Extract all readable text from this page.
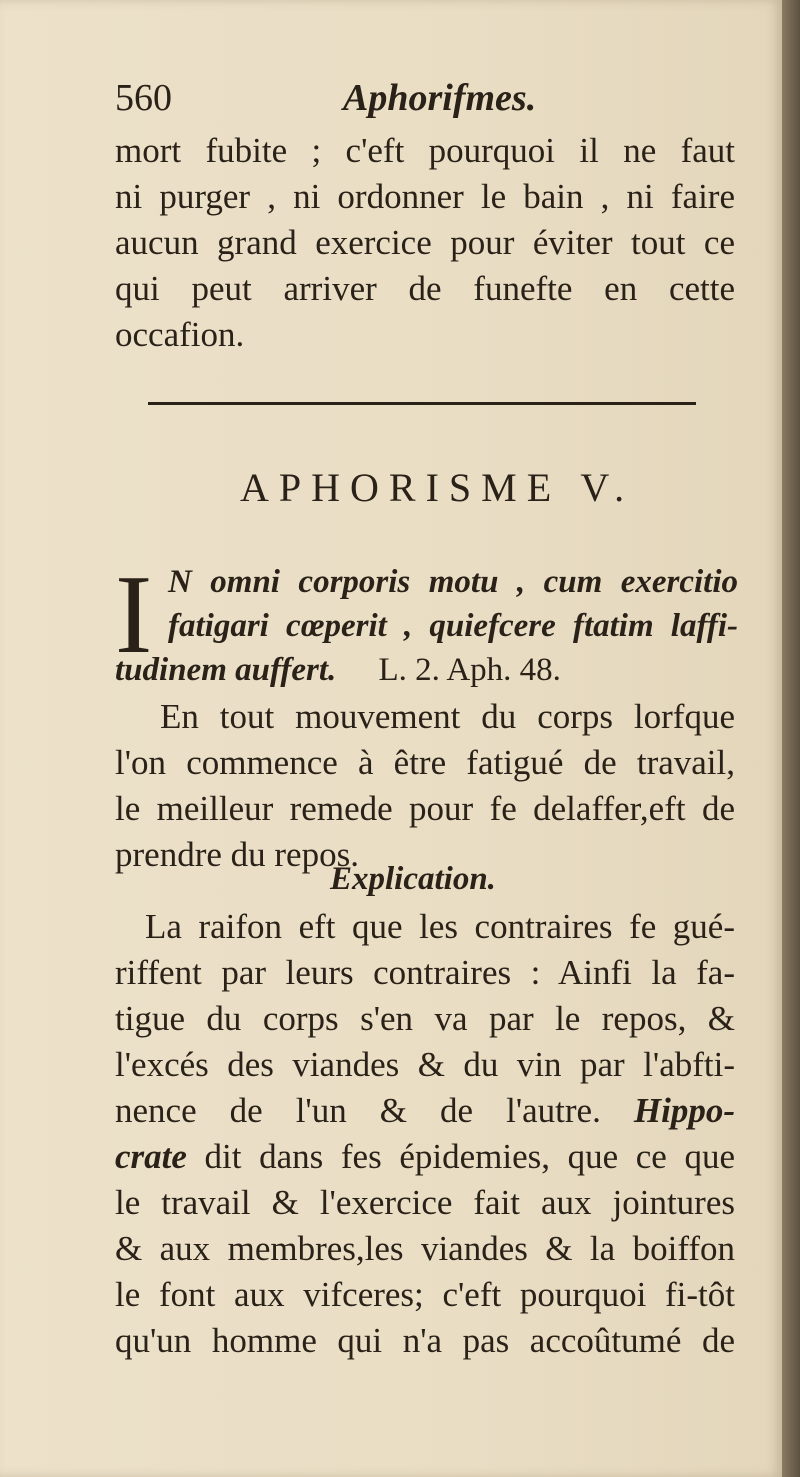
560	Aphorifmes.
mort fubite ; c'eft pourquoi il ne faut
ni purger , ni ordonner le bain , ni faire
aucun grand exercice pour éviter tout ce
qui peut arriver de funefte en cette
occafion.
APHORISME V.
I N omni corporis motu , cum exercitio
fatigari cœperit , quiefcere ftatim laffi-
tudinem auffert. L. 2. Aph. 48.
En tout mouvement du corps lorfque
l'on commence à être fatigué de travail,
le meilleur remede pour fe delaffer,eft de
prendre du repos.
Explication.
La raifon eft que les contraires fe gué-
riffent par leurs contraires : Ainfi la fa-
tigue du corps s'en va par le repos, &
l'excés des viandes & du vin par l'abfti-
nence de l'un & de l'autre. Hippo-
crate dit dans fes épidemies, que ce que
le travail & l'exercice fait aux jointures
& aux membres,les viandes & la boiffon
le font aux vifceres; c'eft pourquoi fi-tôt
qu'un homme qui n'a pas accoûtumé de
